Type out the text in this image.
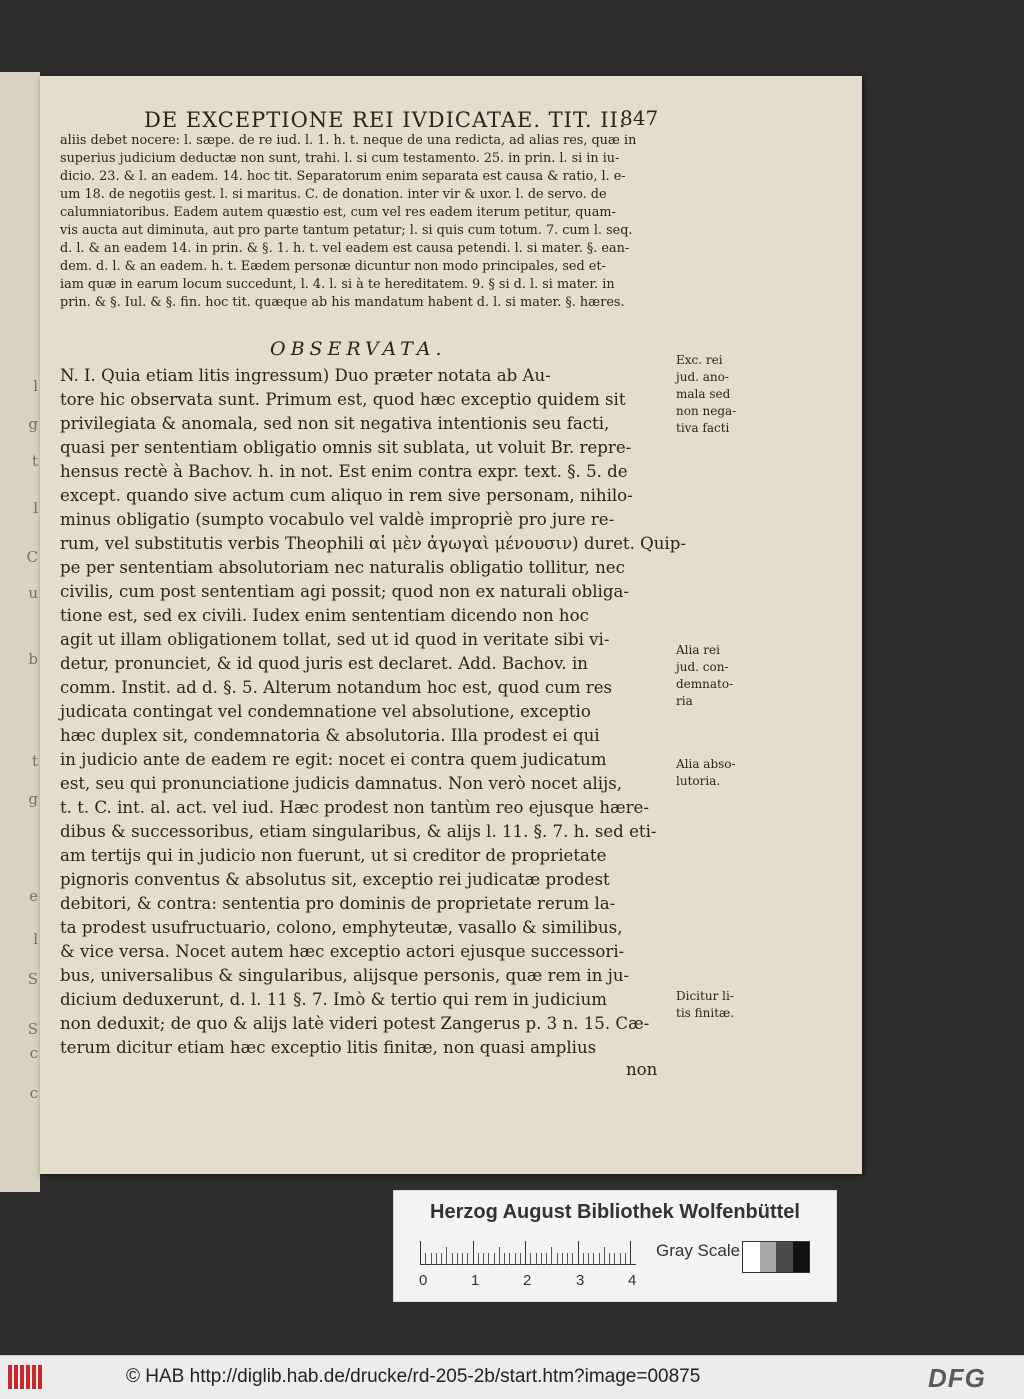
l
g
t
l
C
u
b
t
g
e
l
S
S
c
c
DE EXCEPTIONE REI IVDICATAE. TIT. II.
847
aliis debet nocere: l. sæpe. de re iud. l. 1. h. t. neque de una redicta, ad alias res, quæ in
superius judicium deductæ non sunt, trahi. l. si cum testamento. 25. in prin. l. si in iu-
dicio. 23. & l. an eadem. 14. hoc tit. Separatorum enim separata est causa & ratio, l. e-
um 18. de negotiis gest. l. si maritus. C. de donation. inter vir & uxor. l. de servo. de
calumniatoribus. Eadem autem quæstio est, cum vel res eadem iterum petitur, quam-
vis aucta aut diminuta, aut pro parte tantum petatur; l. si quis cum totum. 7. cum l. seq.
d. l. & an eadem 14. in prin. & §. 1. h. t. vel eadem est causa petendi. l. si mater. §. ean-
dem. d. l. & an eadem. h. t. Eædem personæ dicuntur non modo principales, sed et-
iam quæ in earum locum succedunt, l. 4. l. si à te hereditatem. 9. § si d. l. si mater. in
prin. & §. Iul. & §. fin. hoc tit. quæque ab his mandatum habent d. l. si mater. §. hæres.
OBSERVATA.
N. I. Quia etiam litis ingressum) Duo præter notata ab Au-
tore hic observata sunt. Primum est, quod hæc exceptio quidem sit
privilegiata & anomala, sed non sit negativa intentionis seu facti,
quasi per sententiam obligatio omnis sit sublata, ut voluit Br. repre-
hensus rectè à Bachov. h. in not. Est enim contra expr. text. §. 5. de
except. quando sive actum cum aliquo in rem sive personam, nihilo-
minus obligatio (sumpto vocabulo vel valdè impropriè pro jure re-
rum, vel substitutis verbis Theophili αἱ μὲν ἀγωγαὶ μένουσιν) duret. Quip-
pe per sententiam absolutoriam nec naturalis obligatio tollitur, nec
civilis, cum post sententiam agi possit; quod non ex naturali obliga-
tione est, sed ex civili. Iudex enim sententiam dicendo non hoc
agit ut illam obligationem tollat, sed ut id quod in veritate sibi vi-
detur, pronunciet, & id quod juris est declaret. Add. Bachov. in
comm. Instit. ad d. §. 5. Alterum notandum hoc est, quod cum res
judicata contingat vel condemnatione vel absolutione, exceptio
hæc duplex sit, condemnatoria & absolutoria. Illa prodest ei qui
in judicio ante de eadem re egit: nocet ei contra quem judicatum
est, seu qui pronunciatione judicis damnatus. Non verò nocet alijs,
t. t. C. int. al. act. vel iud. Hæc prodest non tantùm reo ejusque hære-
dibus & successoribus, etiam singularibus, & alijs l. 11. §. 7. h. sed eti-
am tertijs qui in judicio non fuerunt, ut si creditor de proprietate
pignoris conventus & absolutus sit, exceptio rei judicatæ prodest
debitori, & contra: sententia pro dominis de proprietate rerum la-
ta prodest usufructuario, colono, emphyteutæ, vasallo & similibus,
& vice versa. Nocet autem hæc exceptio actori ejusque successori-
bus, universalibus & singularibus, alijsque personis, quæ rem in ju-
dicium deduxerunt, d. l. 11 §. 7. Imò & tertio qui rem in judicium
non deduxit; de quo & alijs latè videri potest Zangerus p. 3 n. 15. Cæ-
terum dicitur etiam hæc exceptio litis finitæ, non quasi amplius
non
Exc. rei
jud. ano-
mala sed
non nega-
tiva facti
Alia rei
jud. con-
demnato-
ria
Alia abso-
lutoria.
Dicitur li-
tis finitæ.
Herzog August Bibliothek Wolfenbüttel
Gray Scale
0	1	2	3	4
© HAB http://diglib.hab.de/drucke/rd-205-2b/start.htm?image=00875	DFG
